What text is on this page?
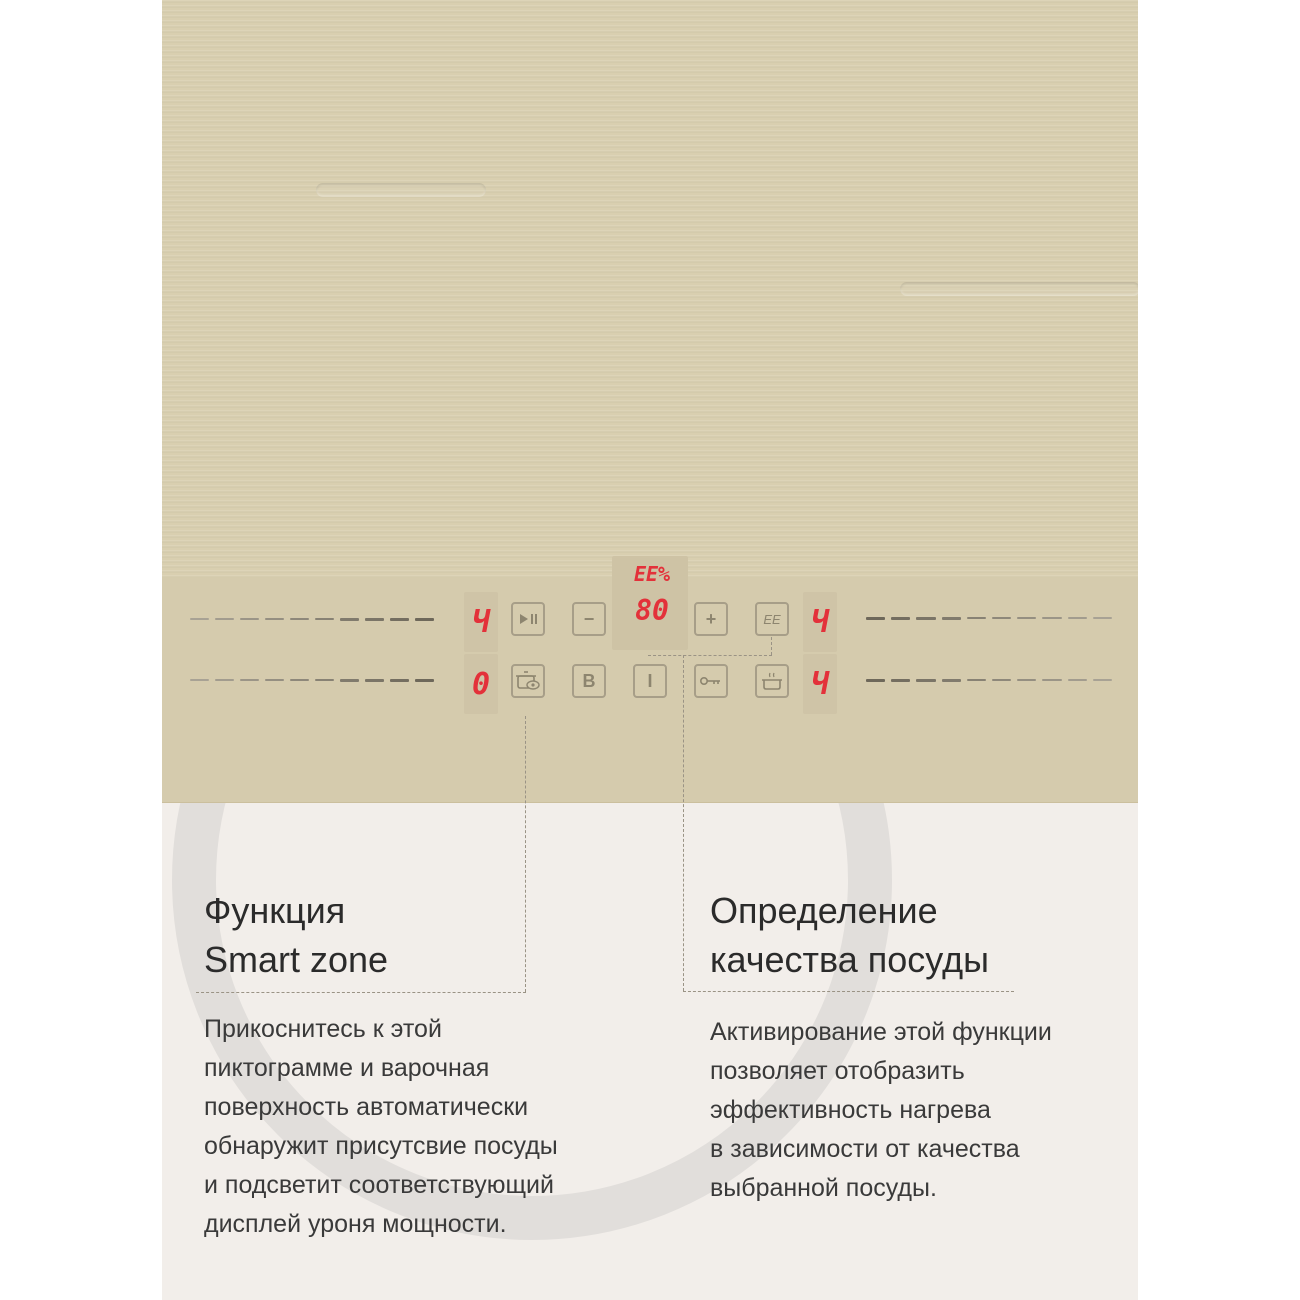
Ч
0
Ч
Ч
EE%
80
−	+	EE
B	I
Функция
Smart zone

Прикоснитесь к этой
пиктограмме и варочная
поверхность автоматически
обнаружит присутсвие посуды
и подсветит соответствующий
дисплей уроня мощности.

Определение
качества посуды

Активирование этой функции
позволяет отобразить
эффективность нагрева
в зависимости от качества
выбранной посуды.
